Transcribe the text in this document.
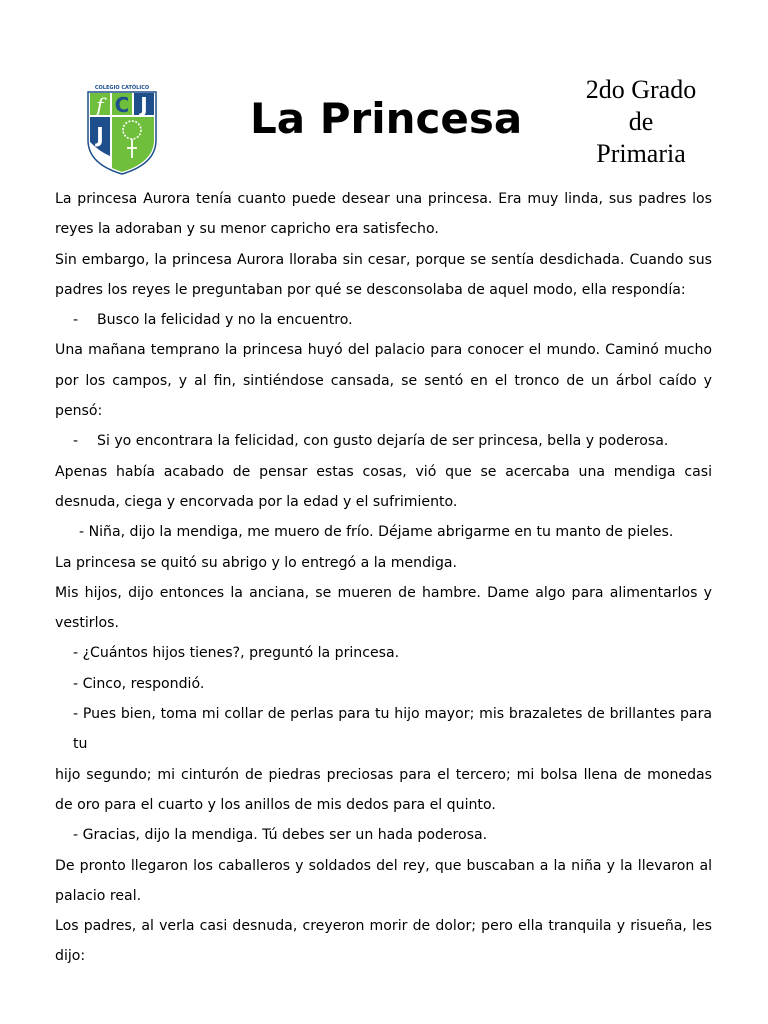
COLEGIO CATÓLICO
f C J
J	La Princesa
2do Grado
de
Primaria

La princesa Aurora tenía cuanto puede desear una princesa. Era muy linda, sus padres los reyes la adoraban y su menor capricho era satisfecho.

Sin embargo, la princesa Aurora lloraba sin cesar, porque se sentía desdichada. Cuando sus padres los reyes le preguntaban por qué se desconsolaba de aquel modo, ella respondía:

-	Busco la felicidad y no la encuentro.

Una mañana temprano la princesa huyó del palacio para conocer el mundo. Caminó mucho por los campos, y al fin, sintiéndose cansada, se sentó en el tronco de un árbol caído y pensó:

-	Si yo encontrara la felicidad, con gusto dejaría de ser princesa, bella y poderosa.

Apenas había acabado de pensar estas cosas, vió que se acercaba una mendiga casi desnuda, ciega y encorvada por la edad y el sufrimiento.

- Niña, dijo la mendiga, me muero de frío. Déjame abrigarme en tu manto de pieles.

La princesa se quitó su abrigo y lo entregó a la mendiga.

Mis hijos, dijo entonces la anciana, se mueren de hambre. Dame algo para alimentarlos y vestirlos.

- ¿Cuántos hijos tienes?, preguntó la princesa.

- Cinco, respondió.

- Pues bien, toma mi collar de perlas para tu hijo mayor; mis brazaletes de brillantes para tu

hijo segundo; mi cinturón de piedras preciosas para el tercero; mi bolsa llena de monedas de oro para el cuarto y los anillos de mis dedos para el quinto.

- Gracias, dijo la mendiga. Tú debes ser un hada poderosa.

De pronto llegaron los caballeros y soldados del rey, que buscaban a la niña y la llevaron al palacio real.

Los padres, al verla casi desnuda, creyeron morir de dolor; pero ella tranquila y risueña, les dijo:
